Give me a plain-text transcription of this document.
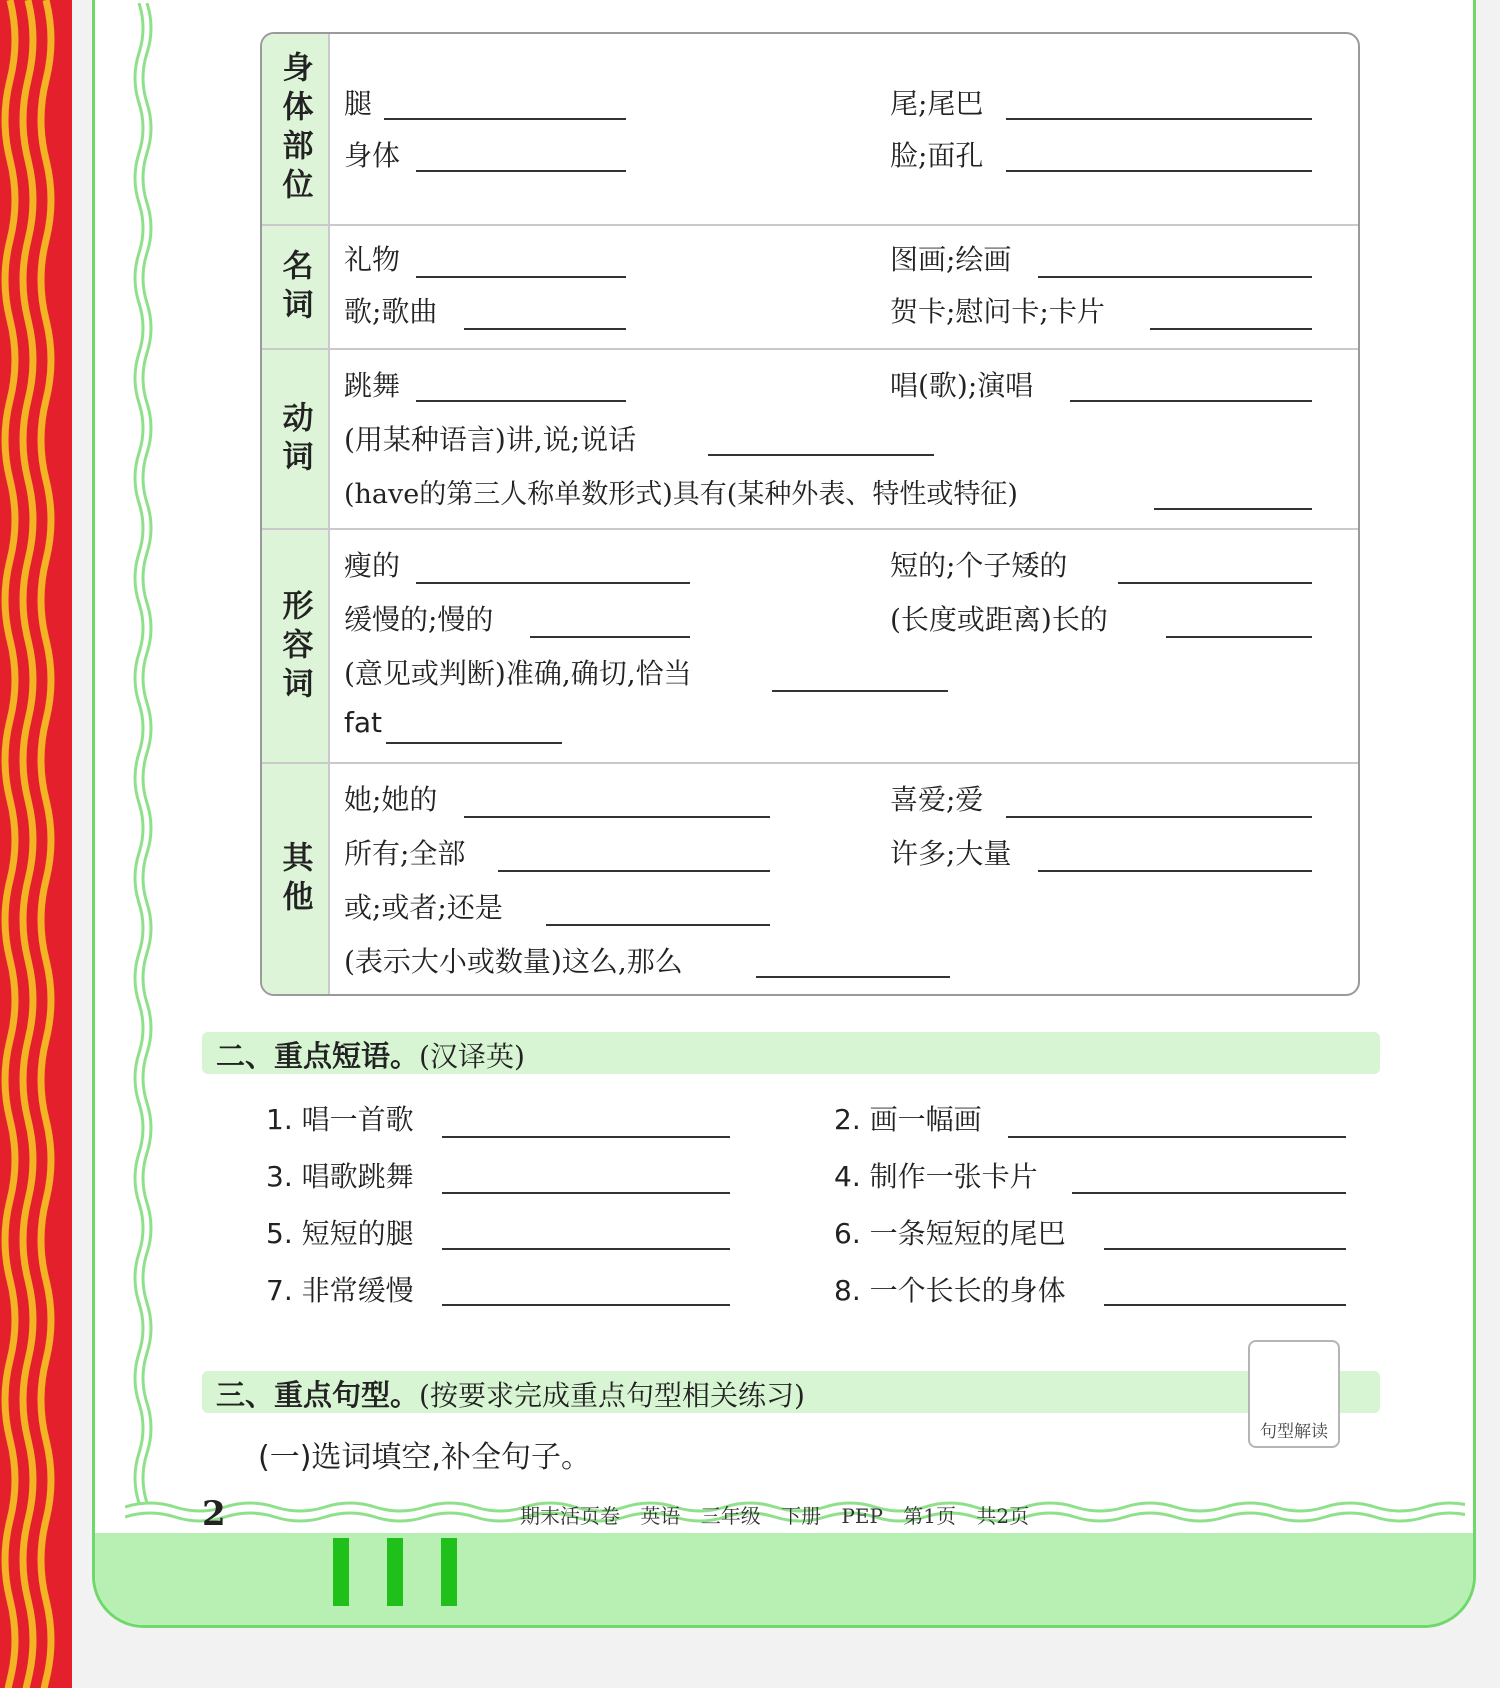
身体部位 腿	尾;尾巴
身体	脸;面孔
名词 礼物	图画;绘画
歌;歌曲	贺卡;慰问卡;卡片
动词
跳舞	唱(歌);演唱
(用某种语言)讲,说;说话
(have的第三人称单数形式)具有(某种外表、特性或特征)
形容词
瘦的	短的;个子矮的
缓慢的;慢的	(长度或距离)长的
(意见或判断)准确,确切,恰当
fat
其他
她;她的	喜爱;爱
所有;全部	许多;大量
或;或者;还是
(表示大小或数量)这么,那么
二、重点短语。(汉译英)
1. 唱一首歌	2. 画一幅画
3. 唱歌跳舞	4. 制作一张卡片
5. 短短的腿	6. 一条短短的尾巴
7. 非常缓慢	8. 一个长长的身体
三、重点句型。(按要求完成重点句型相关练习)
句型解读
(一)选词填空,补全句子。
2	期末活页卷 英语 三年级 下册 PEP 第1页 共2页
